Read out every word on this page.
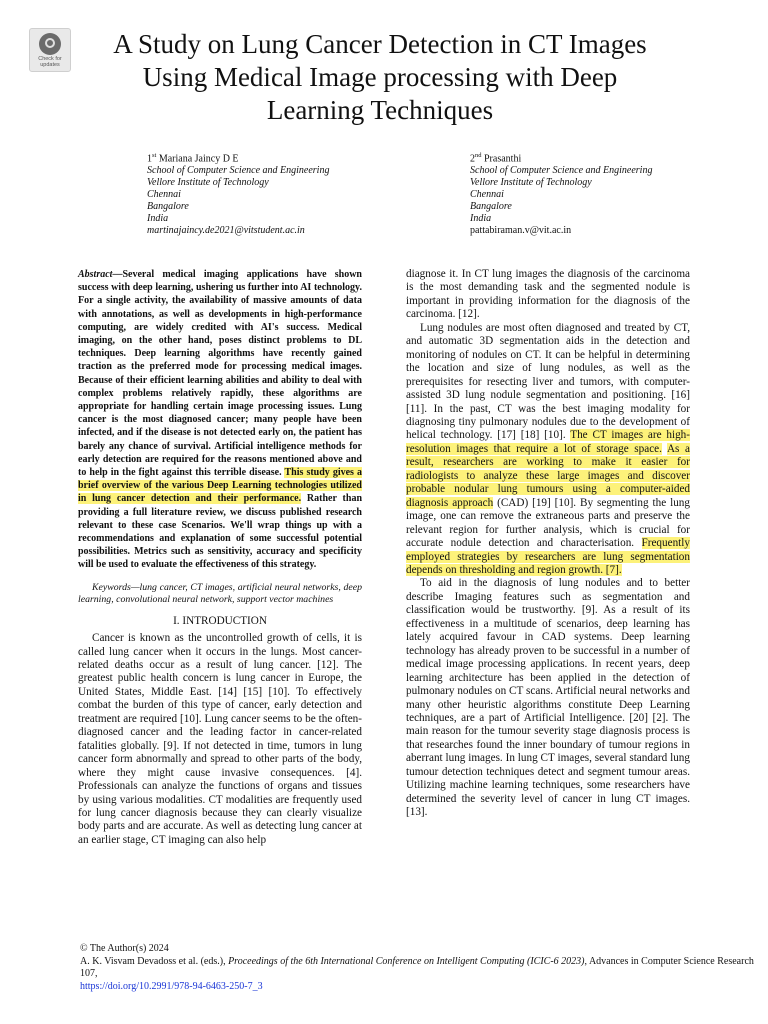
Check for
updates
A Study on Lung Cancer Detection in CT Images
Using Medical Image processing with Deep
Learning Techniques
1st Mariana Jaincy D E
School of Computer Science and Engineering
Vellore Institute of Technology
Chennai
Bangalore
India
martinajaincy.de2021@vitstudent.ac.in
2nd Prasanthi
School of Computer Science and Engineering
Vellore Institute of Technology
Chennai
Bangalore
India
pattabiraman.v@vit.ac.in

Abstract—Several medical imaging applications have shown success with deep learning, ushering us further into AI technology. For a single activity, the availability of massive amounts of data with annotations, as well as developments in high-performance computing, are widely credited with AI's success. Medical imaging, on the other hand, poses distinct problems to DL techniques. Deep learning algorithms have recently gained traction as the preferred mode for processing medical images. Because of their efficient learning abilities and ability to deal with complex problems relatively rapidly, these algorithms are appropriate for handling certain image processing issues. Lung cancer is the most diagnosed cancer; many people have been infected, and if the disease is not detected early on, the patient has barely any chance of survival. Artificial intelligence methods for early detection are required for the reasons mentioned above and to help in the fight against this terrible disease. This study gives a brief overview of the various Deep Learning technologies utilized in lung cancer detection and their performance. Rather than providing a full literature review, we discuss published research relevant to these case Scenarios. We'll wrap things up with a recommendations and explanation of some successful potential possibilities. Metrics such as sensitivity, accuracy and specificity will be used to evaluate the effectiveness of this strategy.

Keywords—lung cancer, CT images, artificial neural networks, deep learning, convolutional neural network, support vector machines

I. INTRODUCTION

Cancer is known as the uncontrolled growth of cells, it is called lung cancer when it occurs in the lungs. Most cancer-related deaths occur as a result of lung cancer. [12]. The greatest public health concern is lung cancer in Europe, the United States, Middle East. [14] [15] [10]. To effectively combat the burden of this type of cancer, early detection and treatment are required [10]. Lung cancer seems to be the often-diagnosed cancer and the leading factor in cancer-related fatalities globally. [9]. If not detected in time, tumors in lung cancer form abnormally and spread to other parts of the body, where they might cause invasive consequences. [4]. Professionals can analyze the functions of organs and tissues by using various modalities. CT modalities are frequently used for lung cancer diagnosis because they can clearly visualize body parts and are accurate. As well as detecting lung cancer at an earlier stage, CT imaging can also help

diagnose it. In CT lung images the diagnosis of the carcinoma is the most demanding task and the segmented nodule is important in providing information for the diagnosis of the carcinoma. [12].

Lung nodules are most often diagnosed and treated by CT, and automatic 3D segmentation aids in the detection and monitoring of nodules on CT. It can be helpful in determining the location and size of lung nodules, as well as the prerequisites for resecting liver and tumors, with computer-assisted 3D lung nodule segmentation and positioning. [16] [11]. In the past, CT was the best imaging modality for diagnosing tiny pulmonary nodules due to the development of helical technology. [17] [18] [10]. The CT images are high-resolution images that require a lot of storage space. As a result, researchers are working to make it easier for radiologists to analyze these large images and discover probable nodular lung tumours using a computer-aided diagnosis approach (CAD) [19] [10]. By segmenting the lung image, one can remove the extraneous parts and preserve the relevant region for further analysis, which is crucial for accurate nodule detection and characterisation. Frequently employed strategies by researchers are lung segmentation depends on thresholding and region growth. [7].

To aid in the diagnosis of lung nodules and to better describe Imaging features such as segmentation and classification would be trustworthy. [9]. As a result of its effectiveness in a multitude of scenarios, deep learning has lately acquired favour in CAD systems. Deep learning technology has already proven to be successful in a number of medical image processing applications. In recent years, deep learning architecture has been applied in the detection of pulmonary nodules on CT scans. Artificial neural networks and many other heuristic algorithms constitute Deep Learning techniques, are a part of Artificial Intelligence. [20] [2]. The main reason for the tumour severity stage diagnosis process is that researches found the inner boundary of tumour regions in aberrant lung images. In lung CT images, several standard lung tumour detection techniques detect and segment tumour areas. Utilizing machine learning techniques, some researchers have determined the severity level of cancer in lung CT images. [13].

© The Author(s) 2024
A. K. Visvam Devadoss et al. (eds.), Proceedings of the 6th International Conference on Intelligent Computing (ICIC-6 2023), Advances in Computer Science Research 107,
https://doi.org/10.2991/978-94-6463-250-7_3
